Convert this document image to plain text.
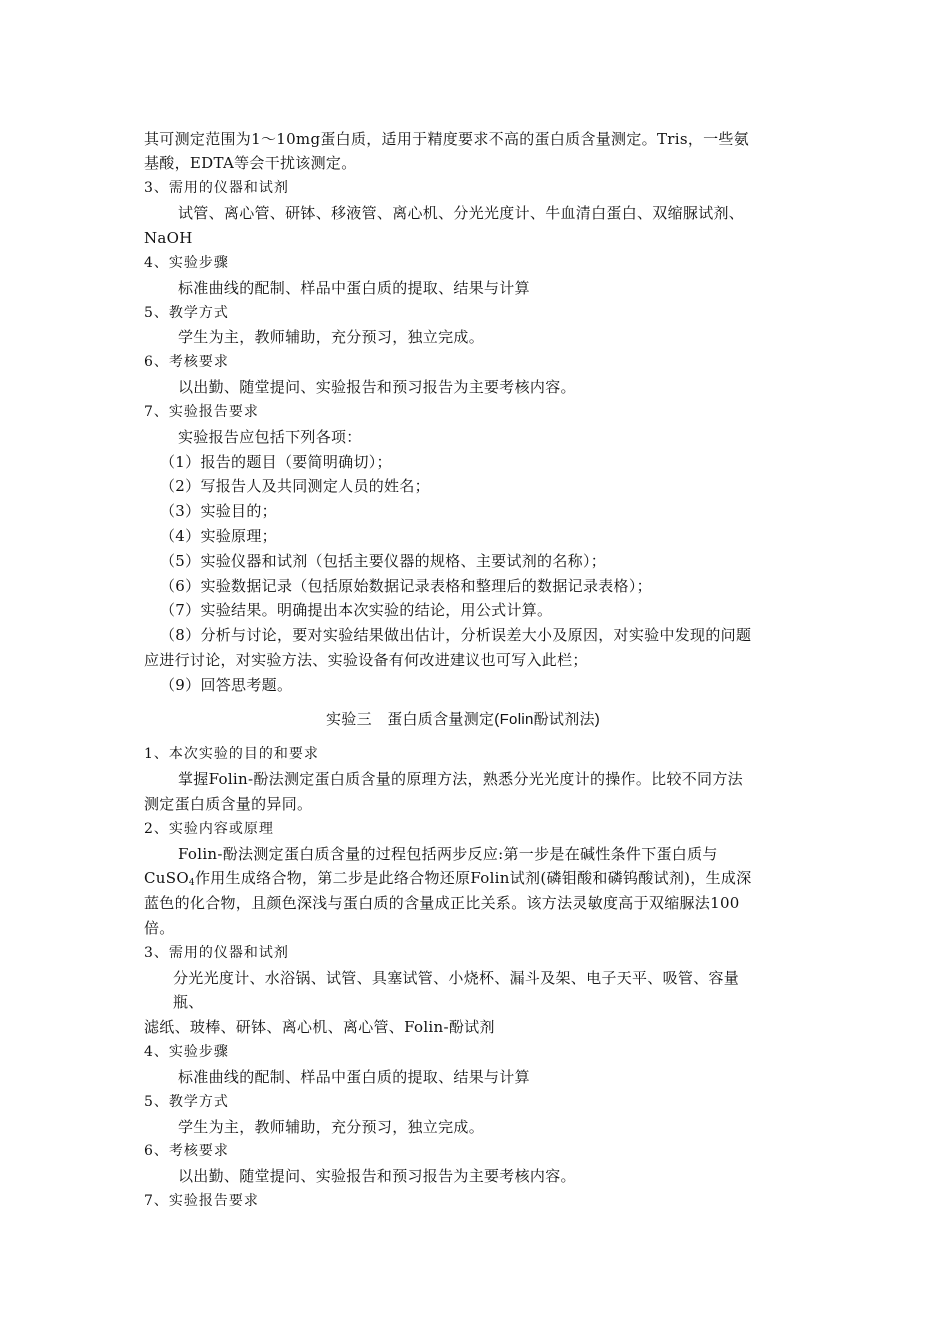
其可测定范围为1～10mg蛋白质，适用于精度要求不高的蛋白质含量测定。Tris，一些氨
基酸，EDTA等会干扰该测定。
3、需用的仪器和试剂
试管、离心管、研钵、移液管、离心机、分光光度计、牛血清白蛋白、双缩脲试剂、
NaOH
4、实验步骤
标准曲线的配制、样品中蛋白质的提取、结果与计算
5、教学方式
学生为主，教师辅助，充分预习，独立完成。
6、考核要求
以出勤、随堂提问、实验报告和预习报告为主要考核内容。
7、实验报告要求
实验报告应包括下列各项：
（1）报告的题目（要简明确切）；
（2）写报告人及共同测定人员的姓名；
（3）实验目的；
（4）实验原理；
（5）实验仪器和试剂（包括主要仪器的规格、主要试剂的名称）；
（6）实验数据记录（包括原始数据记录表格和整理后的数据记录表格）；
（7）实验结果。明确提出本次实验的结论，用公式计算。
（8）分析与讨论，要对实验结果做出估计，分析误差大小及原因，对实验中发现的问题
应进行讨论，对实验方法、实验设备有何改进建议也可写入此栏；
（9）回答思考题。
实验三　蛋白质含量测定(Folin酚试剂法)
1、本次实验的目的和要求
掌握Folin-酚法测定蛋白质含量的原理方法，熟悉分光光度计的操作。比较不同方法
测定蛋白质含量的异同。
2、实验内容或原理
Folin-酚法测定蛋白质含量的过程包括两步反应:第一步是在碱性条件下蛋白质与
CuSO$_4$作用生成络合物，第二步是此络合物还原Folin试剂(磷钼酸和磷钨酸试剂)，生成深
蓝色的化合物，且颜色深浅与蛋白质的含量成正比关系。该方法灵敏度高于双缩脲法100
倍。
3、需用的仪器和试剂
分光光度计、水浴锅、试管、具塞试管、小烧杯、漏斗及架、电子天平、吸管、容量
瓶、
滤纸、玻棒、研钵、离心机、离心管、Folin-酚试剂
4、实验步骤
标准曲线的配制、样品中蛋白质的提取、结果与计算
5、教学方式
学生为主，教师辅助，充分预习，独立完成。
6、考核要求
以出勤、随堂提问、实验报告和预习报告为主要考核内容。
7、实验报告要求
